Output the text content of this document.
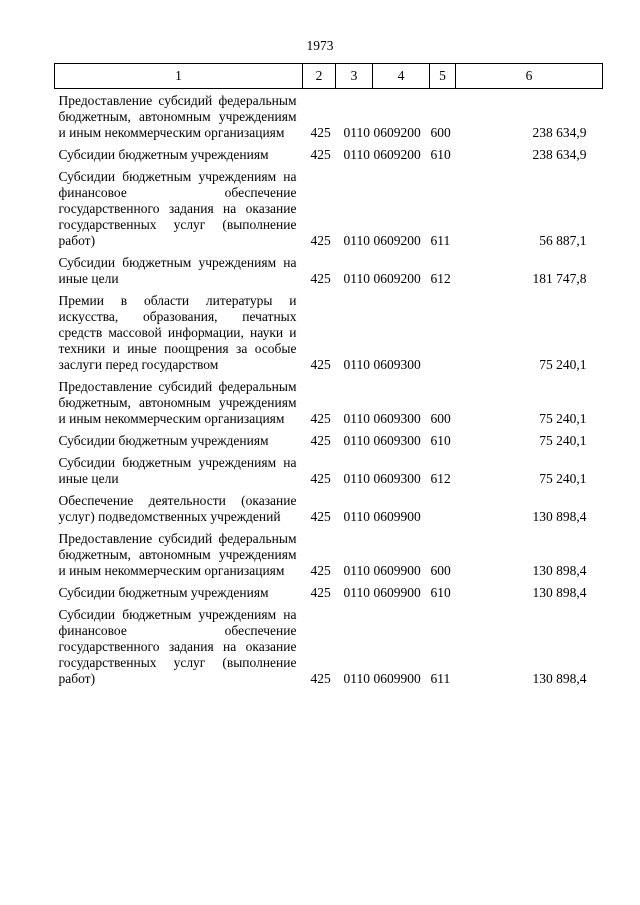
1973
1	2	3	4	5	6
Предоставление субсидий федеральным бюджетным, автономным учреждениям и иным некоммерческим организациям	425	0110	0609200	600	238 634,9
Субсидии бюджетным учреждениям	425	0110	0609200	610	238 634,9
Субсидии бюджетным учреждениям на финансовое обеспечение государственного задания на оказание государственных услуг (выполнение работ)	425	0110	0609200	611	56 887,1
Субсидии бюджетным учреждениям на иные цели	425	0110	0609200	612	181 747,8
Премии в области литературы и искусства, образования, печатных средств массовой информации, науки и техники и иные поощрения за особые заслуги перед государством	425	0110	0609300		75 240,1
Предоставление субсидий федеральным бюджетным, автономным учреждениям и иным некоммерческим организациям	425	0110	0609300	600	75 240,1
Субсидии бюджетным учреждениям	425	0110	0609300	610	75 240,1
Субсидии бюджетным учреждениям на иные цели	425	0110	0609300	612	75 240,1
Обеспечение деятельности (оказание услуг) подведомственных учреждений	425	0110	0609900		130 898,4
Предоставление субсидий федеральным бюджетным, автономным учреждениям и иным некоммерческим организациям	425	0110	0609900	600	130 898,4
Субсидии бюджетным учреждениям	425	0110	0609900	610	130 898,4
Субсидии бюджетным учреждениям на финансовое обеспечение государственного задания на оказание государственных услуг (выполнение работ)	425	0110	0609900	611	130 898,4
